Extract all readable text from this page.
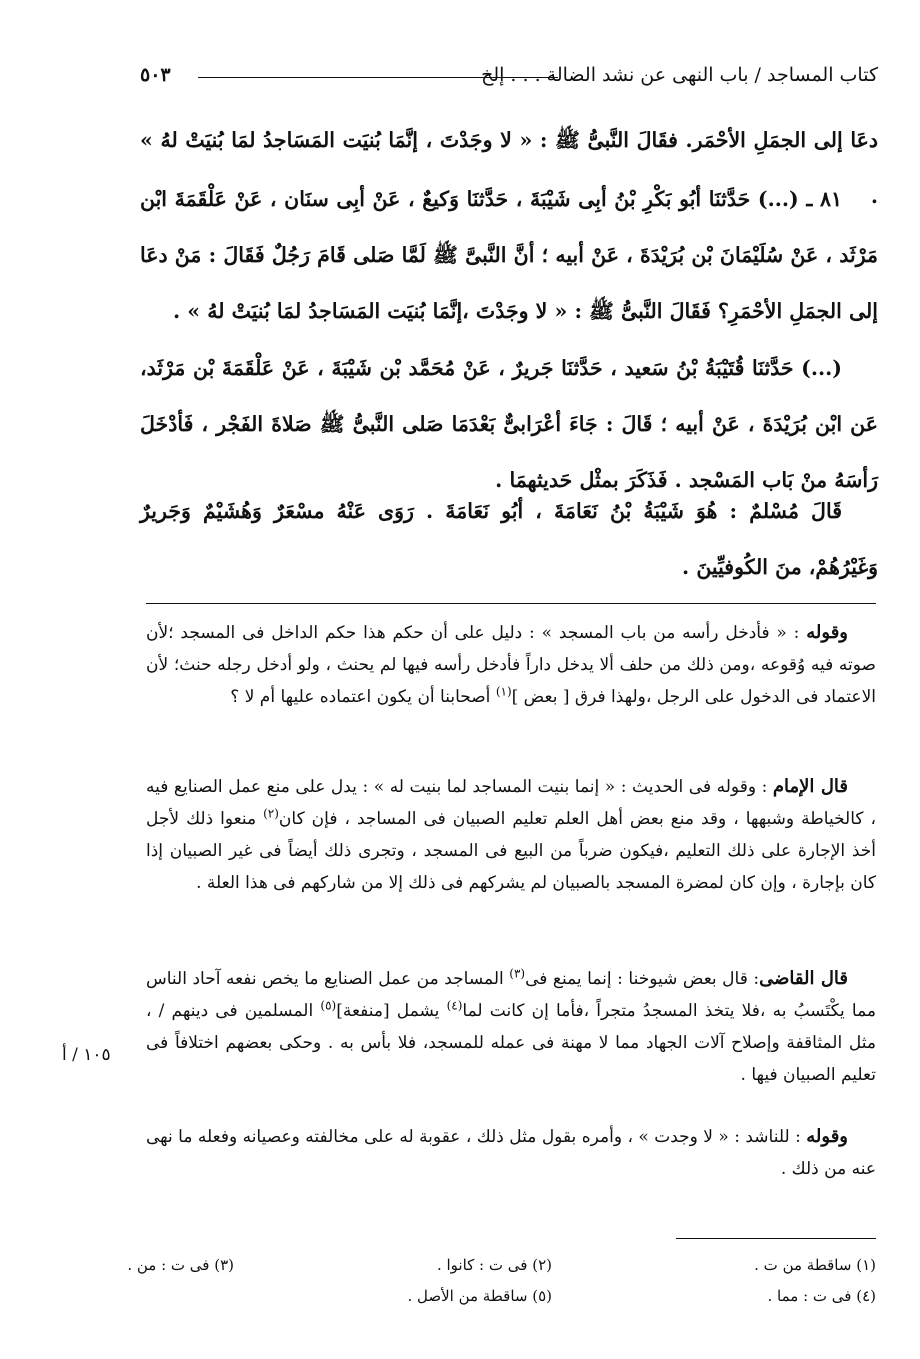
كتاب المساجد / باب النهى عن نشد الضالة . . . إلخ
٥٠٣

دعَا إلى الجمَلِ الأحْمَر. فقَالَ النَّبىُّ ﷺ : « لا وجَدْتَ ، إنَّمَا بُنيَت المَسَاجدُ لمَا بُنيَتْ لهُ » .

٨١ ـ (...) حَدَّثنَا أبُو بَكْرِ بْنُ أبِى شَيْبَةَ ، حَدَّثنَا وَكيعٌ ، عَنْ أبِى سنَان ، عَنْ عَلْقَمَةَ ابْن مَرْثَد ، عَنْ سُلَيْمَانَ بْن بُرَيْدَةَ ، عَنْ أبيه ؛ أنَّ النَّبىَّ ﷺ لَمَّا صَلى قَامَ رَجُلٌ فَقَالَ : مَنْ دعَا إلى الجمَلِ الأحْمَرِ؟ فَقَالَ النَّبىُّ ﷺ : « لا وجَدْتَ ،إنَّمَا بُنيَت المَسَاجدُ لمَا بُنيَتْ لهُ » .

(...) حَدَّثنَا قُتَيْبَةُ بْنُ سَعيد ، حَدَّثنَا جَريرٌ ، عَنْ مُحَمَّد بْن شَيْبَةَ ، عَنْ عَلْقَمَةَ بْن مَرْثَد، عَن ابْن بُرَيْدَةَ ، عَنْ أبيه ؛ قَالَ : جَاءَ أعْرَابىٌّ بَعْدَمَا صَلى النَّبىُّ ﷺ صَلاةَ الفَجْر ، فَأدْخَلَ رَأسَهُ منْ بَاب المَسْجد . فَذَكَرَ بمثْل حَديثهمَا .

قَالَ مُسْلمٌ : هُوَ شَيْبَةُ بْنُ نَعَامَةَ ، أبُو نَعَامَةَ . رَوَى عَنْهُ مسْعَرٌ وَهُشَيْمٌ وَجَريرٌ وَغَيْرُهُمْ، منَ الكُوفيِّينَ .

وقوله : « فأدخل رأسه من باب المسجد » : دليل على أن حكم هذا حكم الداخل فى المسجد ؛لأن صوته فيه وُقوعه ،ومن ذلك من حلف ألا يدخل داراً فأدخل رأسه فيها لم يحنث ، ولو أدخل رجله حنث؛ لأن الاعتماد فى الدخول على الرجل ،ولهذا فرق [ بعض ]$^{(١)}$ أصحابنا أن يكون اعتماده عليها أم لا ؟

قال الإمام : وقوله فى الحديث : « إنما بنيت المساجد لما بنيت له » : يدل على منع عمل الصنايع فيه ، كالخياطة وشبهها ، وقد منع بعض أهل العلم تعليم الصبيان فى المساجد ، فإن كان$^{(٢)}$ منعوا ذلك لأجل أخذ الإجارة على ذلك التعليم ،فيكون ضرباً من البيع فى المسجد ، وتجرى ذلك أيضاً فى غير الصبيان إذا كان بإجارة ، وإن كان لمضرة المسجد بالصبيان لم يشركهم فى ذلك إلا من شاركهم فى هذا العلة .

قال القاضى: قال بعض شيوخنا : إنما يمنع فى$^{(٣)}$ المساجد من عمل الصنايع ما يخص نفعه آحاد الناس مما يكْتَسبُ به ،فلا يتخذ المسجدُ متجراً ،فأما إن كانت لما$^{(٤)}$ يشمل [منفعة]$^{(٥)}$ المسلمين فى دينهم / ، مثل المثاقفة وإصلاح آلات الجهاد مما لا مهنة فى عمله للمسجد، فلا بأس به . وحكى بعضهم اختلافاً فى تعليم الصبيان فيها .

١٠٥ / أ

وقوله : للناشد : « لا وجدت » ، وأمره بقول مثل ذلك ، عقوبة له على مخالفته وعصيانه وفعله ما نهى عنه من ذلك .

(١) ساقطة من ت .
(٢) فى ت : كانوا .
(٣) فى ت : من .
(٤) فى ت : مما .
(٥) ساقطة من الأصل .
